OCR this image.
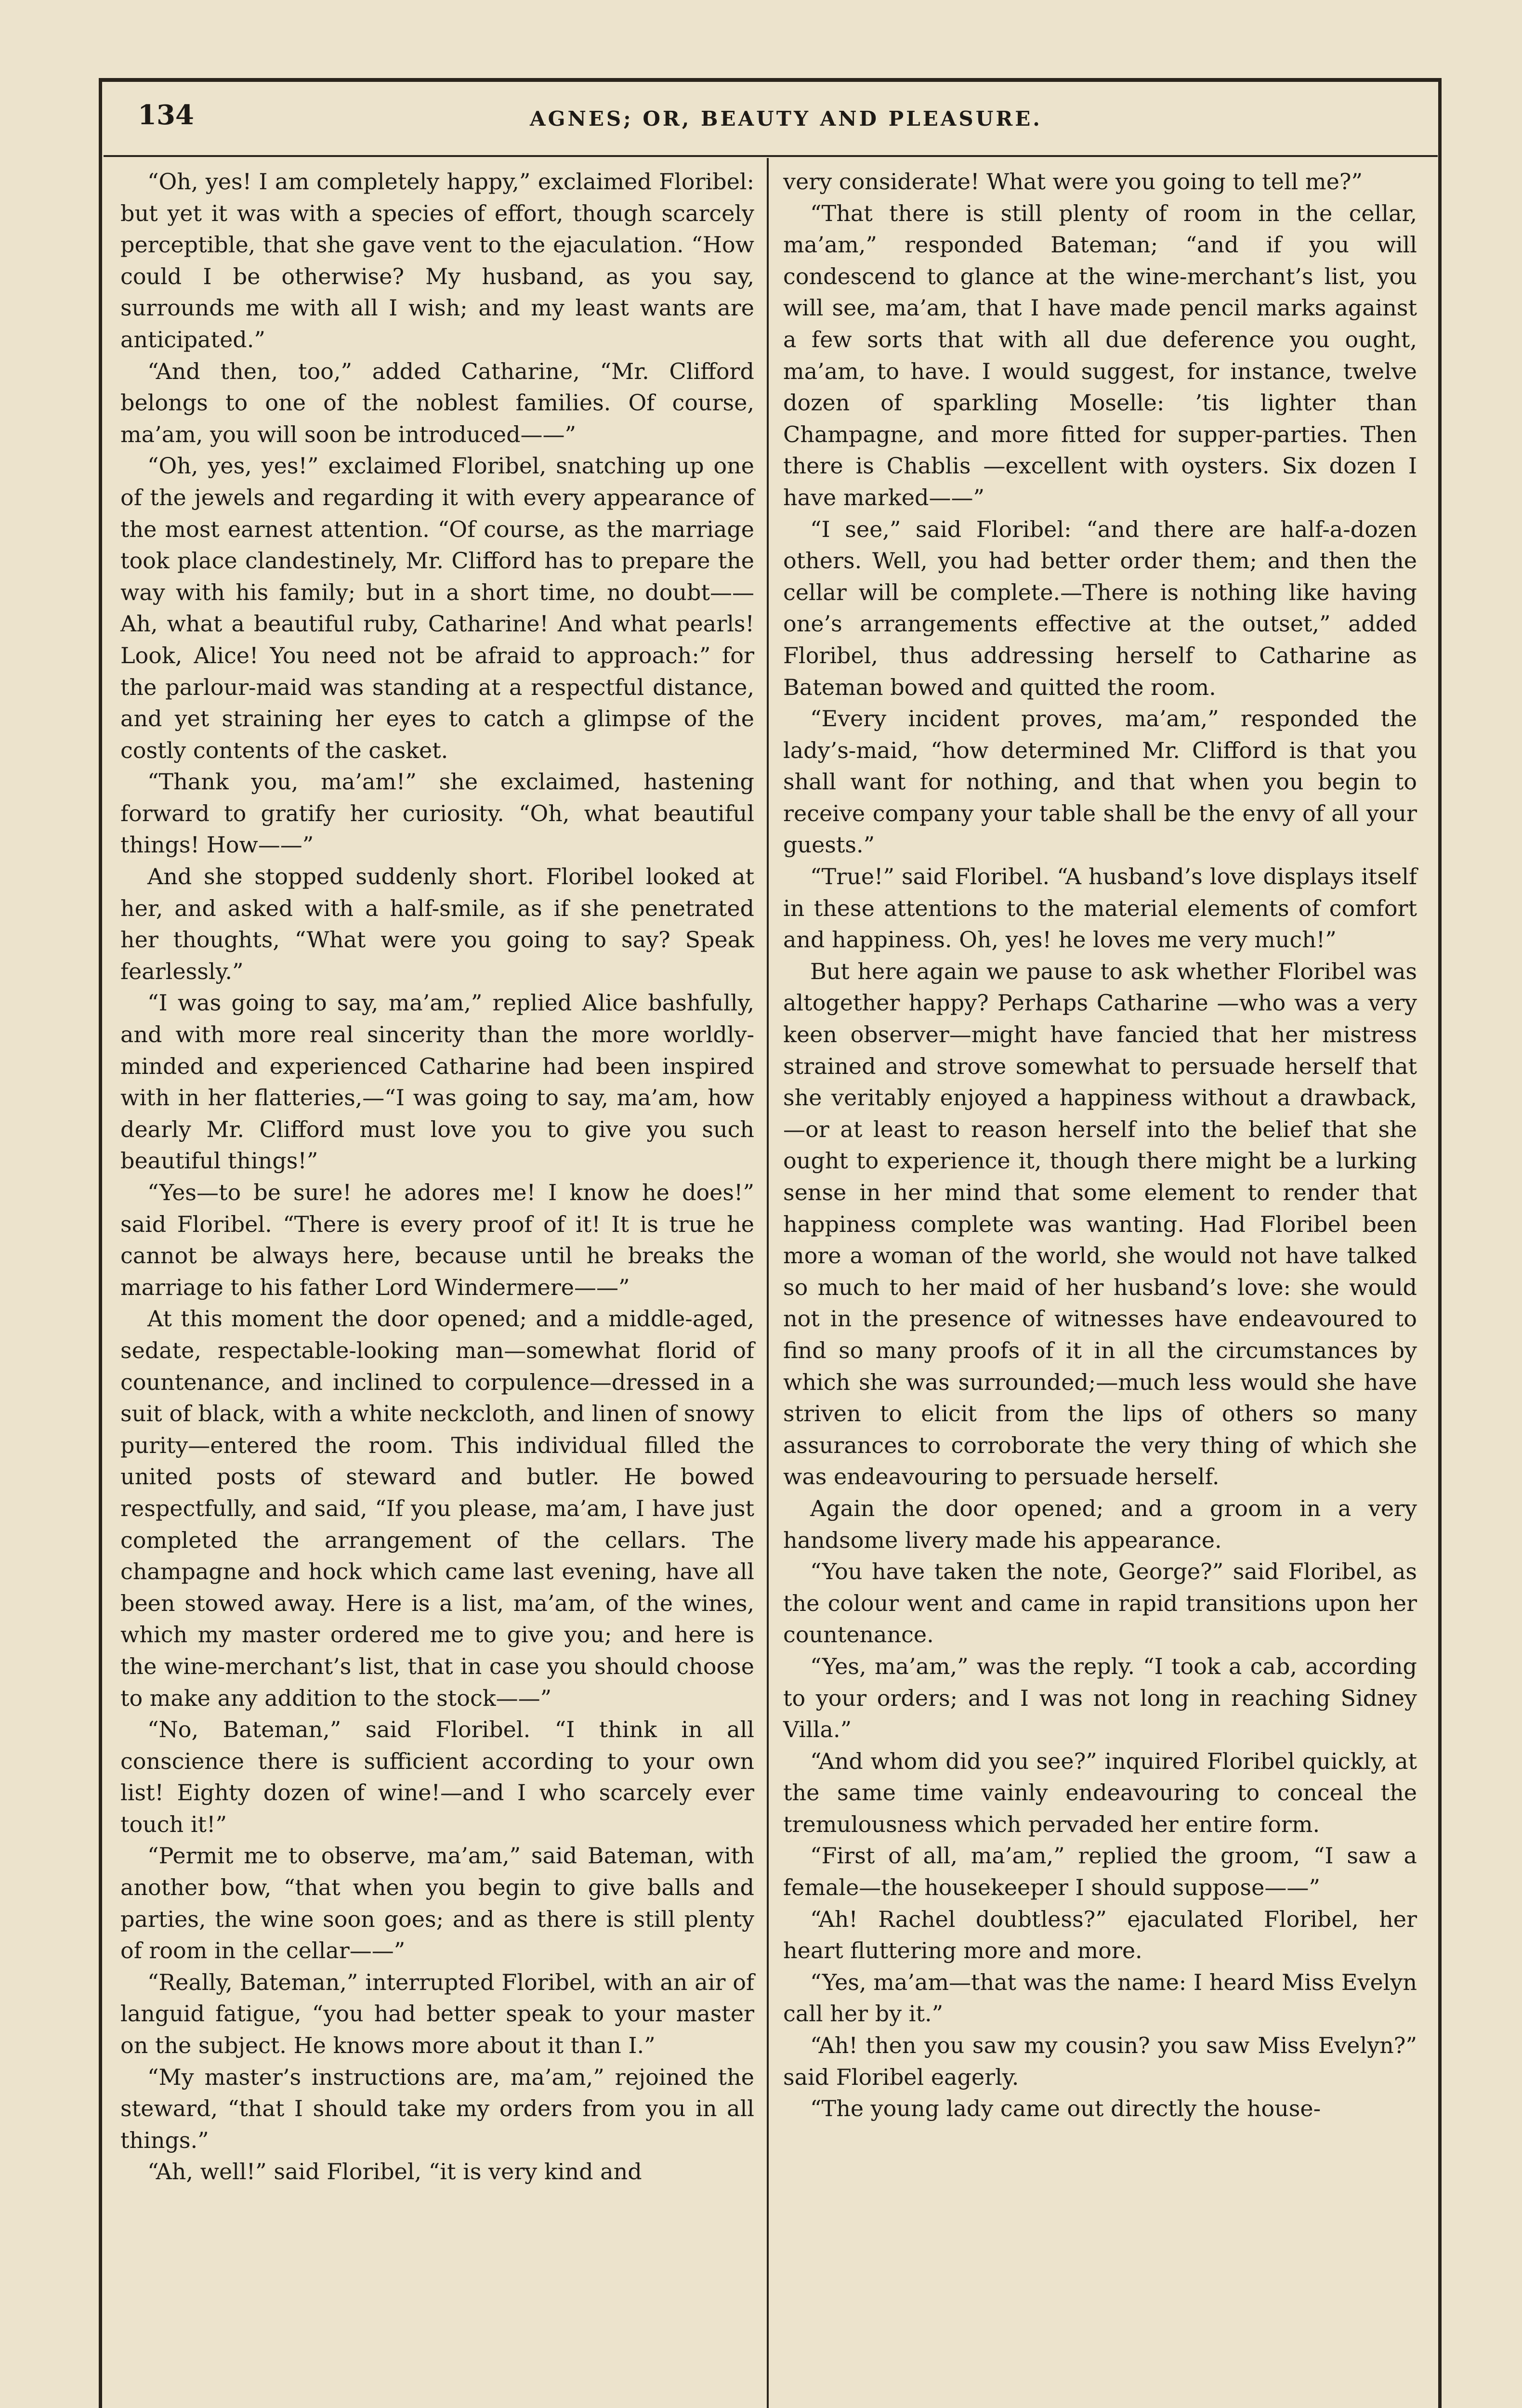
134	AGNES; OR, BEAUTY AND PLEASURE.

“Oh, yes! I am completely happy,” exclaimed Floribel: but yet it was with a species of effort, though scarcely perceptible, that she gave vent to the ejaculation. “How could I be otherwise? My husband, as you say, surrounds me with all I wish; and my least wants are anticipated.”

“And then, too,” added Catharine, “Mr. Clifford belongs to one of the noblest families. Of course, ma’am, you will soon be introduced——”

“Oh, yes, yes!” exclaimed Floribel, snatching up one of the jewels and regarding it with every appearance of the most earnest attention. “Of course, as the marriage took place clandestinely, Mr. Clifford has to prepare the way with his family; but in a short time, no doubt——Ah, what a beautiful ruby, Catharine! And what pearls! Look, Alice! You need not be afraid to approach:” for the parlour-maid was standing at a respectful distance, and yet straining her eyes to catch a glimpse of the costly contents of the casket.

“Thank you, ma’am!” she exclaimed, hastening forward to gratify her curiosity. “Oh, what beautiful things! How——”

And she stopped suddenly short. Floribel looked at her, and asked with a half-smile, as if she penetrated her thoughts, “What were you going to say? Speak fearlessly.”

“I was going to say, ma’am,” replied Alice bashfully, and with more real sincerity than the more worldly-minded and experienced Catharine had been inspired with in her flatteries,—“I was going to say, ma’am, how dearly Mr. Clifford must love you to give you such beautiful things!”

“Yes—to be sure! he adores me! I know he does!” said Floribel. “There is every proof of it! It is true he cannot be always here, because until he breaks the marriage to his father Lord Windermere——”

At this moment the door opened; and a middle-aged, sedate, respectable-looking man—somewhat florid of countenance, and inclined to corpulence—dressed in a suit of black, with a white neckcloth, and linen of snowy purity—entered the room. This individual filled the united posts of steward and butler. He bowed respectfully, and said, “If you please, ma’am, I have just completed the arrangement of the cellars. The champagne and hock which came last evening, have all been stowed away. Here is a list, ma’am, of the wines, which my master ordered me to give you; and here is the wine-merchant’s list, that in case you should choose to make any addition to the stock——”

“No, Bateman,” said Floribel. “I think in all conscience there is sufficient according to your own list! Eighty dozen of wine!—and I who scarcely ever touch it!”

“Permit me to observe, ma’am,” said Bateman, with another bow, “that when you begin to give balls and parties, the wine soon goes; and as there is still plenty of room in the cellar——”

“Really, Bateman,” interrupted Floribel, with an air of languid fatigue, “you had better speak to your master on the subject. He knows more about it than I.”

“My master’s instructions are, ma’am,” rejoined the steward, “that I should take my orders from you in all things.”

“Ah, well!” said Floribel, “it is very kind and

very considerate! What were you going to tell me?”

“That there is still plenty of room in the cellar, ma’am,” responded Bateman; “and if you will condescend to glance at the wine-merchant’s list, you will see, ma’am, that I have made pencil marks against a few sorts that with all due deference you ought, ma’am, to have. I would suggest, for instance, twelve dozen of sparkling Moselle: ’tis lighter than Champagne, and more fitted for supper-parties. Then there is Chablis —excellent with oysters. Six dozen I have marked——”

“I see,” said Floribel: “and there are half-a-dozen others. Well, you had better order them; and then the cellar will be complete.—There is nothing like having one’s arrangements effective at the outset,” added Floribel, thus addressing herself to Catharine as Bateman bowed and quitted the room.

“Every incident proves, ma’am,” responded the lady’s-maid, “how determined Mr. Clifford is that you shall want for nothing, and that when you begin to receive company your table shall be the envy of all your guests.”

“True!” said Floribel. “A husband’s love displays itself in these attentions to the material elements of comfort and happiness. Oh, yes! he loves me very much!”

But here again we pause to ask whether Floribel was altogether happy? Perhaps Catharine —who was a very keen observer—might have fancied that her mistress strained and strove somewhat to persuade herself that she veritably enjoyed a happiness without a drawback,—or at least to reason herself into the belief that she ought to experience it, though there might be a lurking sense in her mind that some element to render that happiness complete was wanting. Had Floribel been more a woman of the world, she would not have talked so much to her maid of her husband’s love: she would not in the presence of witnesses have endeavoured to find so many proofs of it in all the circumstances by which she was surrounded;—much less would she have striven to elicit from the lips of others so many assurances to corroborate the very thing of which she was endeavouring to persuade herself.

Again the door opened; and a groom in a very handsome livery made his appearance.

“You have taken the note, George?” said Floribel, as the colour went and came in rapid transitions upon her countenance.

“Yes, ma’am,” was the reply. “I took a cab, according to your orders; and I was not long in reaching Sidney Villa.”

“And whom did you see?” inquired Floribel quickly, at the same time vainly endeavouring to conceal the tremulousness which pervaded her entire form.

“First of all, ma’am,” replied the groom, “I saw a female—the housekeeper I should suppose——”

“Ah! Rachel doubtless?” ejaculated Floribel, her heart fluttering more and more.

“Yes, ma’am—that was the name: I heard Miss Evelyn call her by it.”

“Ah! then you saw my cousin? you saw Miss Evelyn?” said Floribel eagerly.

“The young lady came out directly the house-
